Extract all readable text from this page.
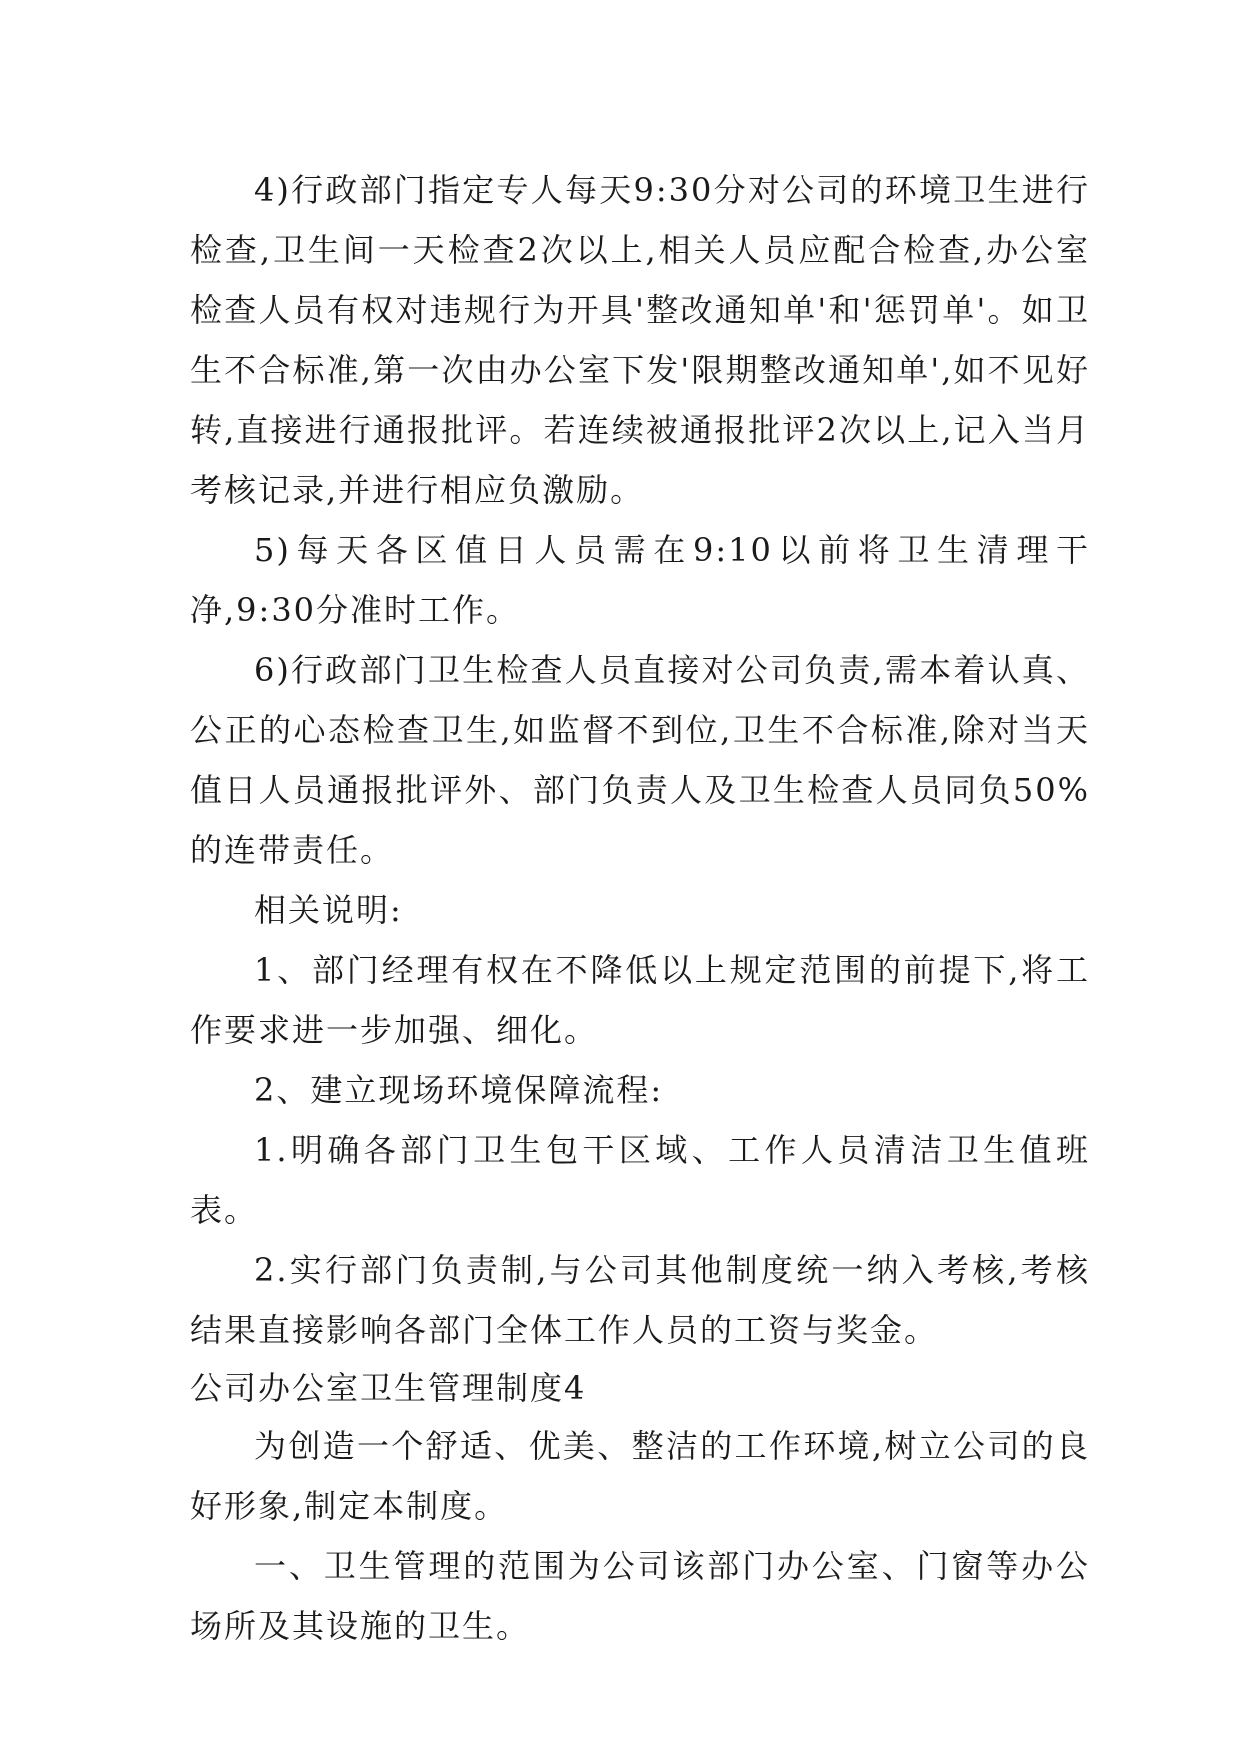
4)行政部门指定专人每天9:30分对公司的环境卫生进行检查,卫生间一天检查2次以上,相关人员应配合检查,办公室检查人员有权对违规行为开具'整改通知单'和'惩罚单'。如卫生不合标准,第一次由办公室下发'限期整改通知单',如不见好转,直接进行通报批评。若连续被通报批评2次以上,记入当月考核记录,并进行相应负激励。

5)每天各区值日人员需在9:10以前将卫生清理干净,9:30分准时工作。

6)行政部门卫生检查人员直接对公司负责,需本着认真、公正的心态检查卫生,如监督不到位,卫生不合标准,除对当天值日人员通报批评外、部门负责人及卫生检查人员同负50%的连带责任。

相关说明:

1、部门经理有权在不降低以上规定范围的前提下,将工作要求进一步加强、细化。

2、建立现场环境保障流程:

1.明确各部门卫生包干区域、工作人员清洁卫生值班表。

2.实行部门负责制,与公司其他制度统一纳入考核,考核结果直接影响各部门全体工作人员的工资与奖金。

公司办公室卫生管理制度4

为创造一个舒适、优美、整洁的工作环境,树立公司的良好形象,制定本制度。

一、卫生管理的范围为公司该部门办公室、门窗等办公场所及其设施的卫生。
